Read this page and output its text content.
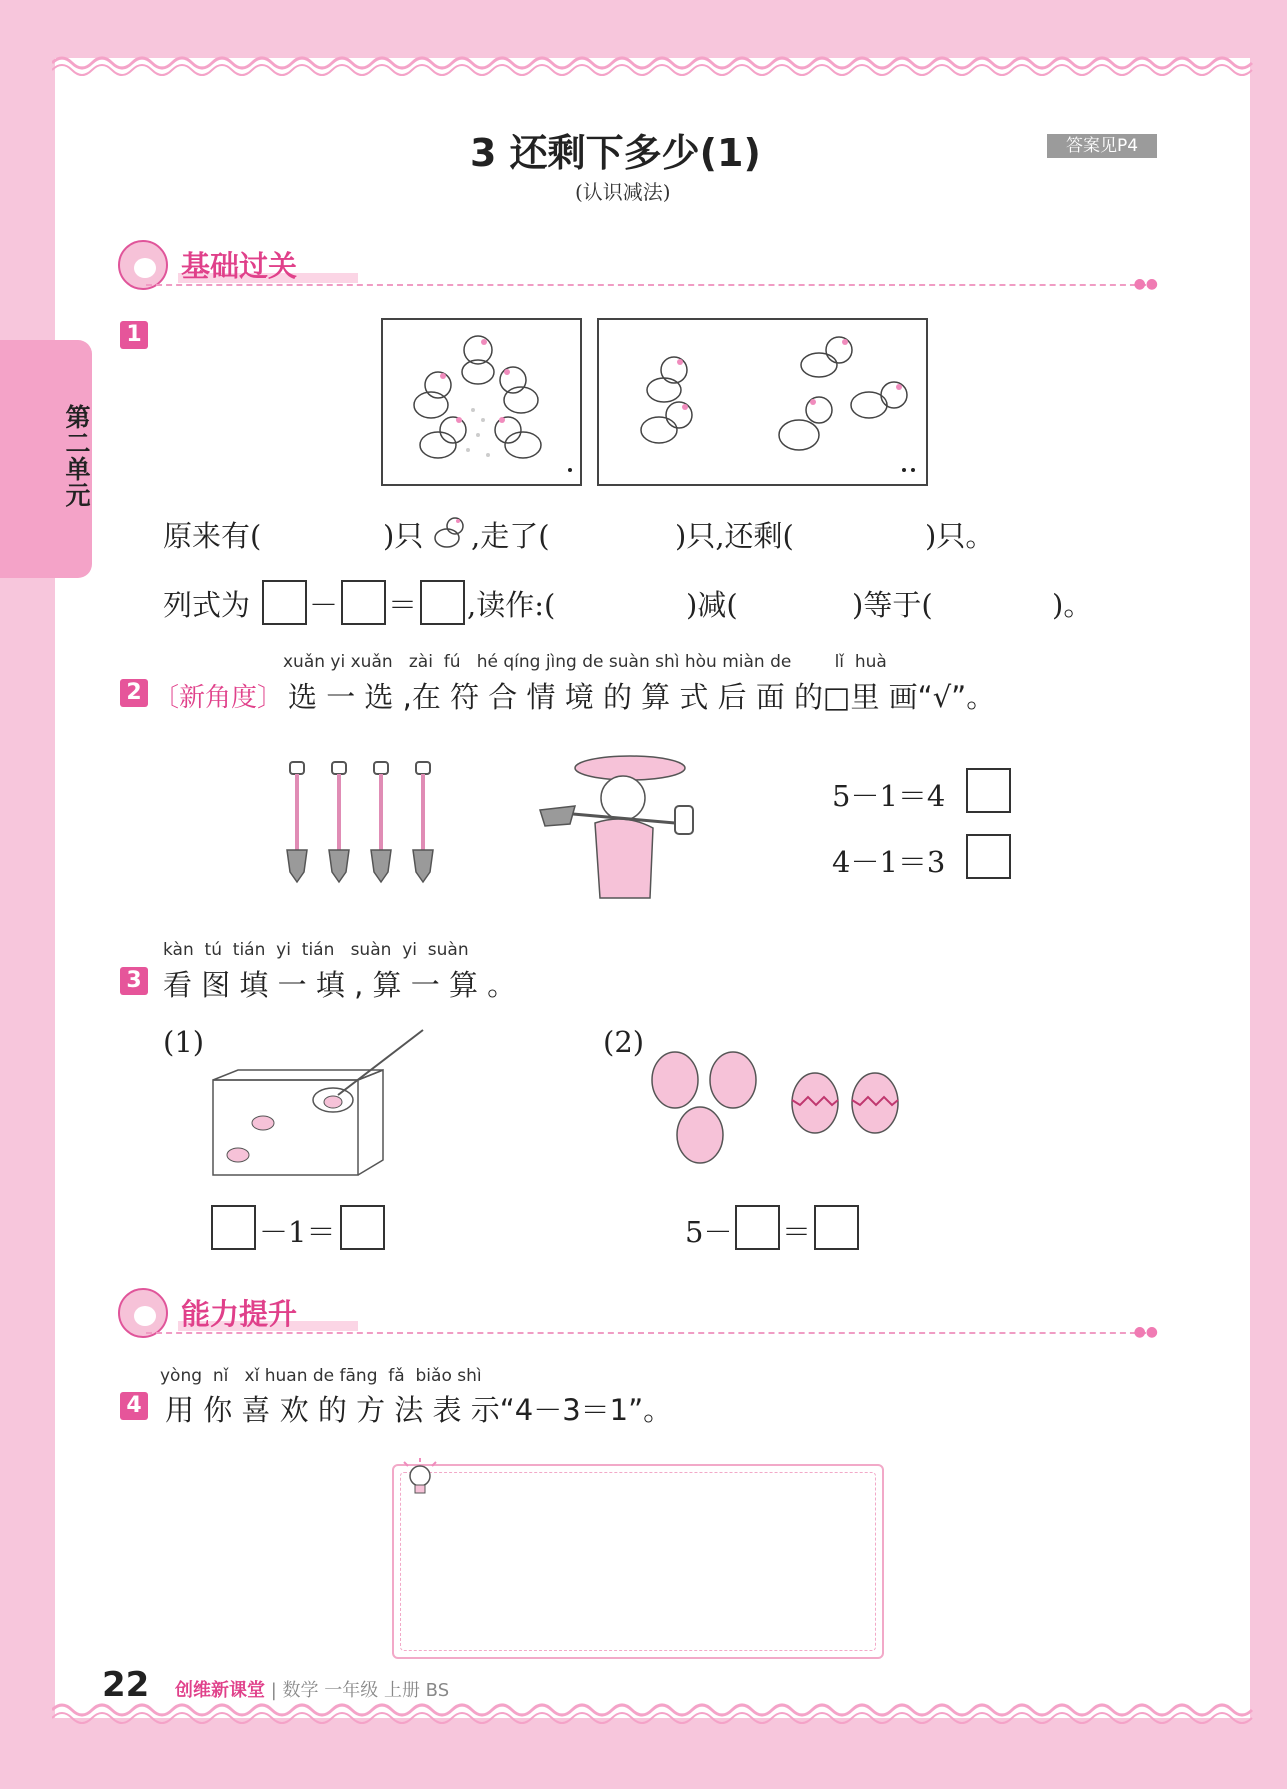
第二单元
3 还剩下多少(1)
(认识减法)
答案见P4
基础过关
●●
1
原来有(	)只 ,走了(	)只,还剩(	)只。
列式为 － ＝ ,读作:(	)减(	)等于(	)。
xuǎn yi xuǎn   zài  fú   hé qíng jìng de suàn shì hòu miàn de        lǐ  huà
2 〔新角度〕 选 一 选 ,在 符 合 情 境 的 算 式 后 面 的□里 画“√”。
5－1＝4
4－1＝3
kàn  tú  tián  yi  tián   suàn  yi  suàn
3 看 图 填 一 填 , 算 一 算 。
(1)
－1＝
(2)
5－ ＝
能力提升
●●
yòng  nǐ   xǐ huan de fāng  fǎ  biǎo shì
4 用 你 喜 欢 的 方 法 表 示“4－3＝1”。
22 创维新课堂 | 数学 一年级 上册 BS
